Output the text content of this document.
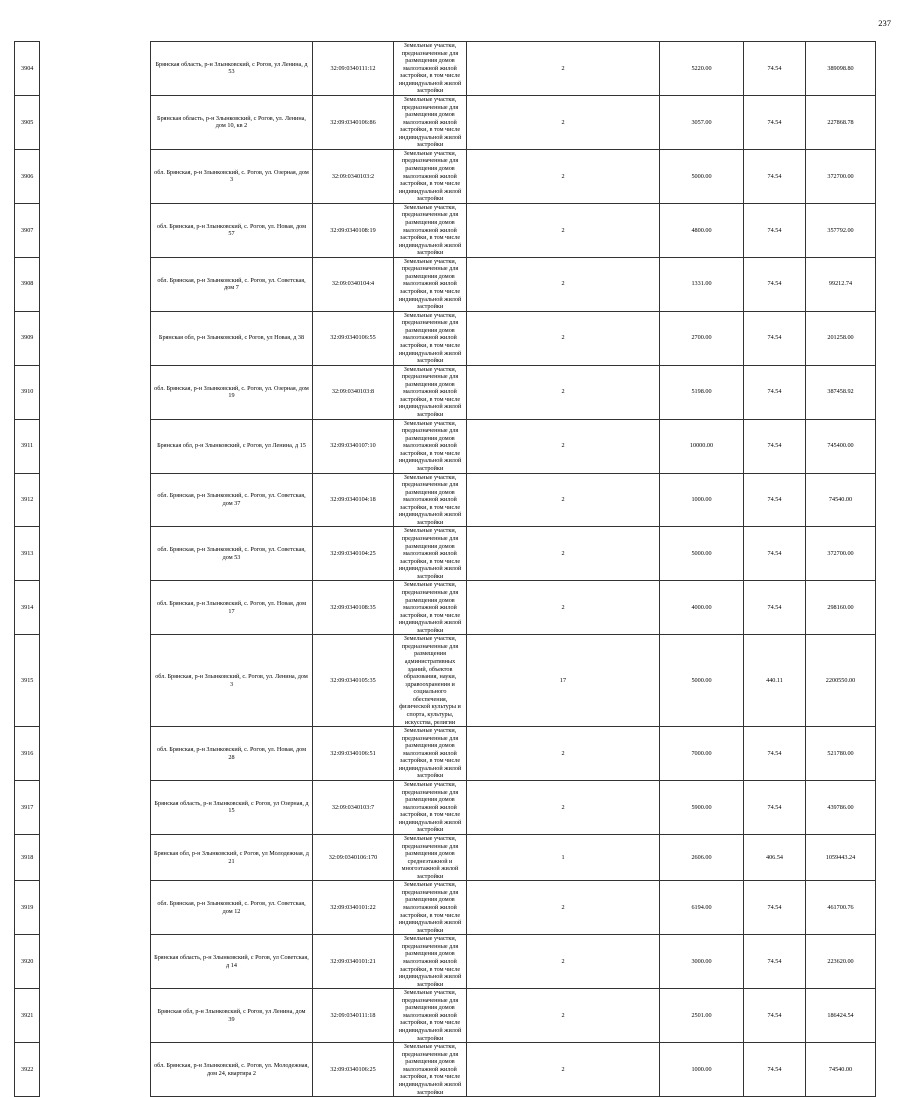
237
3904		Брянская область, р-н Злынковский, с Рогов, ул Ленина, д 53	32:09:0340111:12	Земельные участки, предназначенные для размещения домов малоэтажной жилой застройки, в том числе индивидуальной жилой застройки	2	5220.00	74.54	389098.80
3905		Брянская область, р-н Злынковский, с Рогов, ул. Ленина, дом 10, кв 2	32:09:0340106:86	Земельные участки, предназначенные для размещения домов малоэтажной жилой застройки, в том числе индивидуальной жилой застройки	2	3057.00	74.54	227868.78
3906		обл. Брянская, р-н Злынковский, с. Рогов, ул. Озерная, дом 3	32:09:0340103:2	Земельные участки, предназначенные для размещения домов малоэтажной жилой застройки, в том числе индивидуальной жилой застройки	2	5000.00	74.54	372700.00
3907		обл. Брянская, р-н Злынковский, с. Рогов, ул. Новая, дом 57	32:09:0340108:19	Земельные участки, предназначенные для размещения домов малоэтажной жилой застройки, в том числе индивидуальной жилой застройки	2	4800.00	74.54	357792.00
3908		обл. Брянская, р-н Злынковский, с. Рогов, ул. Советская, дом 7	32:09:0340104:4	Земельные участки, предназначенные для размещения домов малоэтажной жилой застройки, в том числе индивидуальной жилой застройки	2	1331.00	74.54	99212.74
3909		Брянская обл, р-н Злынковский, с Рогов, ул Новая, д 38	32:09:0340106:55	Земельные участки, предназначенные для размещения домов малоэтажной жилой застройки, в том числе индивидуальной жилой застройки	2	2700.00	74.54	201258.00
3910		обл. Брянская, р-н Злынковский, с. Рогов, ул. Озерная, дом 19	32:09:0340103:8	Земельные участки, предназначенные для размещения домов малоэтажной жилой застройки, в том числе индивидуальной жилой застройки	2	5198.00	74.54	387458.92
3911		Брянская обл, р-н Злынковский, с Рогов, ул Ленина, д 15	32:09:0340107:10	Земельные участки, предназначенные для размещения домов малоэтажной жилой застройки, в том числе индивидуальной жилой застройки	2	10000.00	74.54	745400.00
3912		обл. Брянская, р-н Злынковский, с. Рогов, ул. Советская, дом 37	32:09:0340104:18	Земельные участки, предназначенные для размещения домов малоэтажной жилой застройки, в том числе индивидуальной жилой застройки	2	1000.00	74.54	74540.00
3913		обл. Брянская, р-н Злынковский, с. Рогов, ул. Советская, дом 53	32:09:0340104:25	Земельные участки, предназначенные для размещения домов малоэтажной жилой застройки, в том числе индивидуальной жилой застройки	2	5000.00	74.54	372700.00
3914		обл. Брянская, р-н Злынковский, с. Рогов, ул. Новая, дом 17	32:09:0340108:35	Земельные участки, предназначенные для размещения домов малоэтажной жилой застройки, в том числе индивидуальной жилой застройки	2	4000.00	74.54	298160.00
3915		обл. Брянская, р-н Злынковский, с. Рогов, ул. Ленина, дом 3	32:09:0340105:35	Земельные участки, предназначенные для размещения административных зданий, объектов образования, науки, здравоохранения и социального обеспечения, физической культуры и спорта, культуры, искусства, религии	17	5000.00	440.11	2200550.00
3916		обл. Брянская, р-н Злынковский, с. Рогов, ул. Новая, дом 28	32:09:0340106:51	Земельные участки, предназначенные для размещения домов малоэтажной жилой застройки, в том числе индивидуальной жилой застройки	2	7000.00	74.54	521780.00
3917		Брянская область, р-н Злынковский, с Рогов, ул Озерная, д 15	32:09:0340103:7	Земельные участки, предназначенные для размещения домов малоэтажной жилой застройки, в том числе индивидуальной жилой застройки	2	5900.00	74.54	439786.00
3918		Брянская обл, р-н Злынковский, с Рогов, ул Молодежная, д 21	32:09:0340106:170	Земельные участки, предназначенные для размещения домов среднеэтажной и многоэтажной жилой застройки	1	2606.00	406.54	1059443.24
3919		обл. Брянская, р-н Злынковский, с. Рогов, ул. Советская, дом 12	32:09:0340101:22	Земельные участки, предназначенные для размещения домов малоэтажной жилой застройки, в том числе индивидуальной жилой застройки	2	6194.00	74.54	461700.76
3920		Брянская область, р-н Злынковский, с Рогов, ул Советская, д 14	32:09:0340101:21	Земельные участки, предназначенные для размещения домов малоэтажной жилой застройки, в том числе индивидуальной жилой застройки	2	3000.00	74.54	223620.00
3921		Брянская обл, р-н Злынковский, с Рогов, ул Ленина, дом 39	32:09:0340111:18	Земельные участки, предназначенные для размещения домов малоэтажной жилой застройки, в том числе индивидуальной жилой застройки	2	2501.00	74.54	186424.54
3922		обл. Брянская, р-н Злынковский, с. Рогов, ул. Молодежная, дом 24, квартира 2	32:09:0340106:25	Земельные участки, предназначенные для размещения домов малоэтажной жилой застройки, в том числе индивидуальной жилой застройки	2	1000.00	74.54	74540.00
